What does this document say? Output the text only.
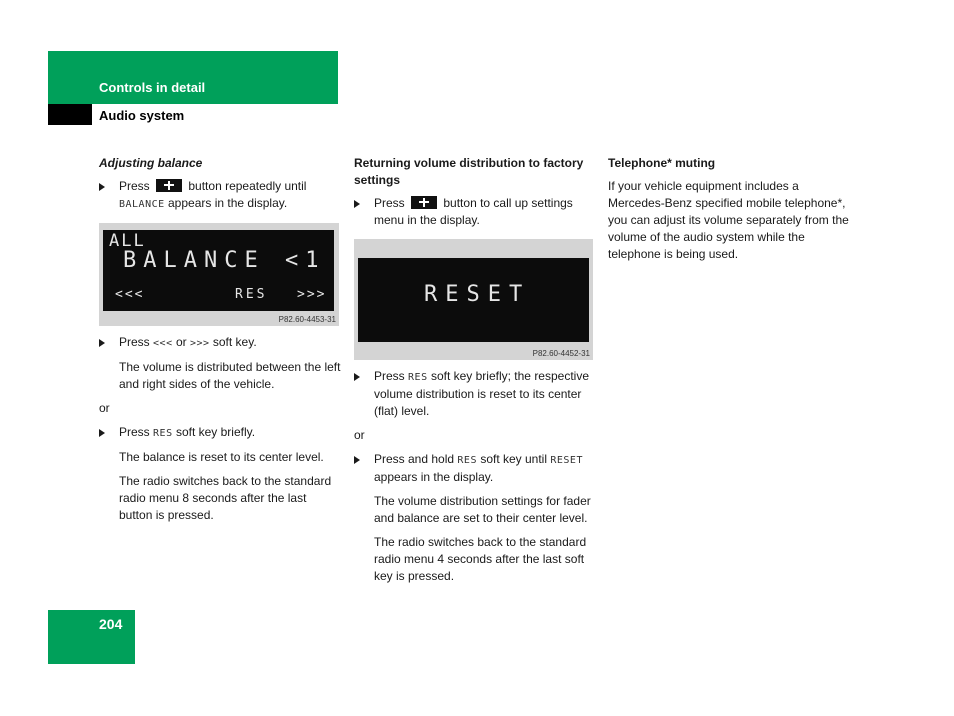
Controls in detail
Audio system
Adjusting balance
Press	button repeatedly until BALANCE appears in the display.
ALL
BALANCE <1
<<<	RES >>>
P82.60-4453-31
Press <<< or >>> soft key.

The volume is distributed between the left and right sides of the vehicle.

or

Press RES soft key briefly.

The balance is reset to its center level.

The radio switches back to the standard radio menu 8 seconds after the last button is pressed.

Returning volume distribution to factory settings
Press	button to call up settings menu in the display.
RESET
P82.60-4452-31
Press RES soft key briefly; the respective volume distribution is reset to its center (flat) level.

or

Press and hold RES soft key until RESET appears in the display.

The volume distribution settings for fader and balance are set to their center level.

The radio switches back to the standard radio menu 4 seconds after the last soft key is pressed.

Telephone* muting

If your vehicle equipment includes a Mercedes-Benz specified mobile telephone*, you can adjust its volume separately from the volume of the audio system while the telephone is being used.

204
